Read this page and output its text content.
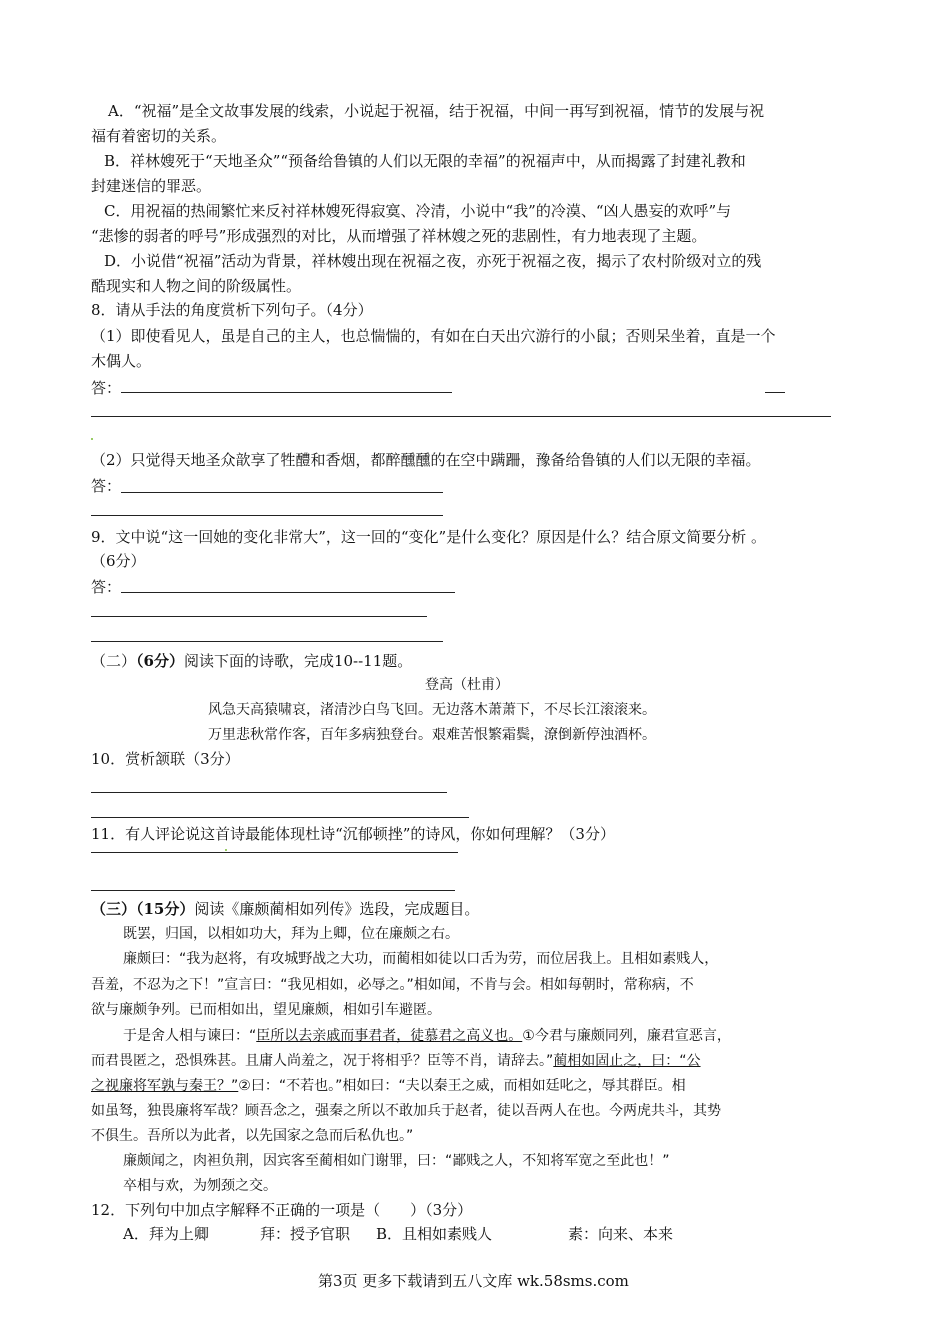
A．“祝福”是全文故事发展的线索，小说起于祝福，结于祝福，中间一再写到祝福，情节的发展与祝
福有着密切的关系。
B．祥林嫂死于“天地圣众”“预备给鲁镇的人们以无限的幸福”的祝福声中，从而揭露了封建礼教和
封建迷信的罪恶。
C．用祝福的热闹繁忙来反衬祥林嫂死得寂寞、冷清，小说中“我”的冷漠、“凶人愚妄的欢呼”与
“悲惨的弱者的呼号”形成强烈的对比，从而增强了祥林嫂之死的悲剧性，有力地表现了主题。
D．小说借“祝福”活动为背景，祥林嫂出现在祝福之夜，亦死于祝福之夜，揭示了农村阶级对立的残
酷现实和人物之间的阶级属性。
8．请从手法的角度赏析下列句子。（4分）
（1）即使看见人，虽是自己的主人，也总惴惴的，有如在白天出穴游行的小鼠；否则呆坐着，直是一个
木偶人。
答：
（2）只觉得天地圣众歆享了牲醴和香烟，都醉醺醺的在空中蹒跚，豫备给鲁镇的人们以无限的幸福。
答：
9．文中说“这一回她的变化非常大”，这一回的“变化”是什么变化？原因是什么？结合原文简要分析 。
（6分）
答：
（二）（6分）阅读下面的诗歌，完成10--11题。
登高（杜甫）
风急天高猿啸哀，渚清沙白鸟飞回。无边落木萧萧下，不尽长江滚滚来。
万里悲秋常作客，百年多病独登台。艰难苦恨繁霜鬓，潦倒新停浊酒杯。
10．赏析颔联（3分）
11．有人评论说这首诗最能体现杜诗“沉郁顿挫”的诗风，你如何理解？（3分）
（三）（15分）阅读《廉颇蔺相如列传》选段，完成题目。
既罢，归国，以相如功大，拜为上卿，位在廉颇之右。
廉颇曰：“我为赵将，有攻城野战之大功，而蔺相如徒以口舌为劳，而位居我上。且相如素贱人，
吾羞，不忍为之下！”宣言曰：“我见相如，必辱之。”相如闻，不肯与会。相如每朝时，常称病，不
欲与廉颇争列。已而相如出，望见廉颇，相如引车避匿。
于是舍人相与谏曰：“臣所以去亲戚而事君者，徒慕君之高义也。①今君与廉颇同列，廉君宣恶言，
而君畏匿之，恐惧殊甚。且庸人尚羞之，况于将相乎？臣等不肖，请辞去。”蔺相如固止之，曰：“公
之视廉将军孰与秦王？”②曰：“不若也。”相如曰：“夫以秦王之威，而相如廷叱之，辱其群臣。相
如虽驽，独畏廉将军哉？顾吾念之，强秦之所以不敢加兵于赵者，徒以吾两人在也。今两虎共斗，其势
不俱生。吾所以为此者，以先国家之急而后私仇也。”
廉颇闻之，肉袒负荆，因宾客至蔺相如门谢罪，曰：“鄙贱之人，不知将军宽之至此也！”
卒相与欢，为刎颈之交。
12．下列句中加点字解释不正确的一项是（　　）（3分）
A．拜为上卿	拜：授予官职 B．且相如素贱人	素：向来、本来
第3页 更多下载请到五八文库 wk.58sms.com
